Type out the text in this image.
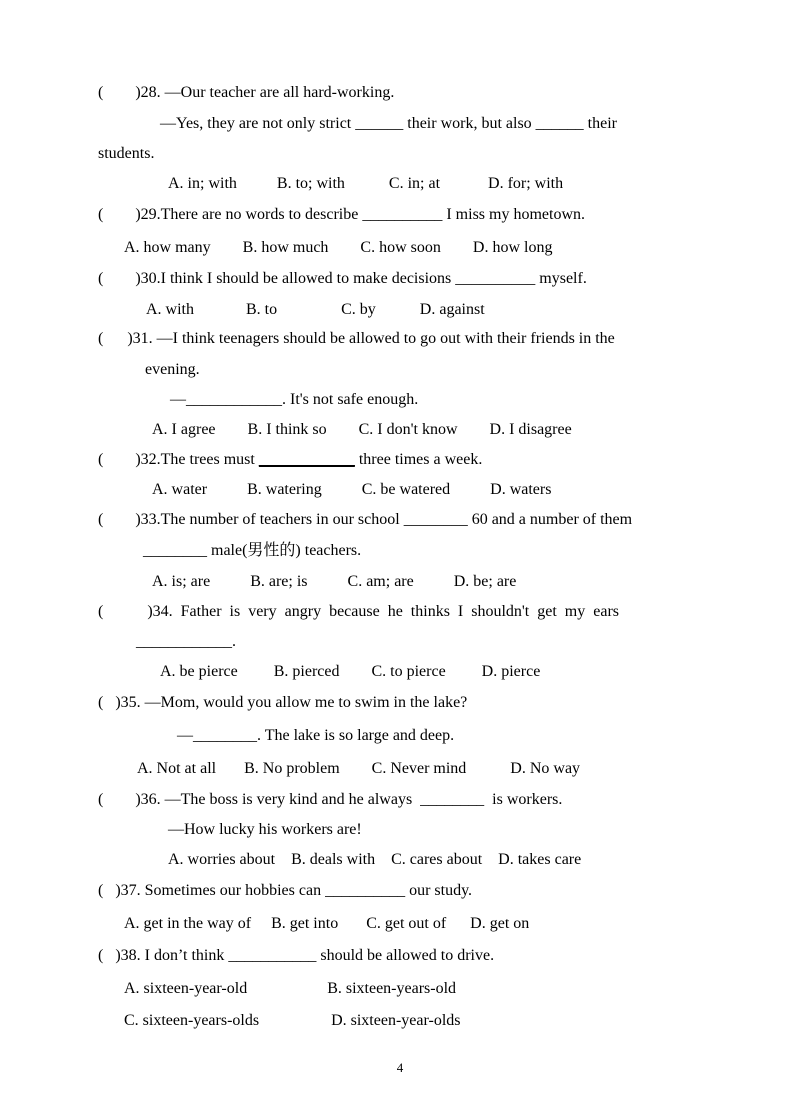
(        )28. —Our teacher are all hard-working.
—Yes, they are not only strict ______ their work, but also ______ their
students.
A. in; with          B. to; with           C. in; at            D. for; with
(        )29.There are no words to describe __________ I miss my hometown.
A. how many        B. how much        C. how soon        D. how long
(        )30.I think I should be allowed to make decisions __________ myself.
A. with             B. to                C. by           D. against
(      )31. —I think teenagers should be allowed to go out with their friends in the
evening.
—____________. It's not safe enough.
A. I agree        B. I think so        C. I don't know        D. I disagree
(        )32.The trees must ____________ three times a week.
A. water          B. watering          C. be watered          D. waters
(        )33.The number of teachers in our school ________ 60 and a number of them
________ male(男性的) teachers.
A. is; are          B. are; is          C. am; are          D. be; are
(           )34.  Father  is  very  angry  because  he  thinks  I  shouldn't  get  my  ears
____________.
A. be pierce         B. pierced        C. to pierce         D. pierce
(   )35. —Mom, would you allow me to swim in the lake?
—________. The lake is so large and deep.
A. Not at all       B. No problem        C. Never mind           D. No way
(        )36. —The boss is very kind and he always  ________  is workers.
—How lucky his workers are!
A. worries about    B. deals with    C. cares about    D. takes care
(   )37. Sometimes our hobbies can __________ our study.
A. get in the way of     B. get into       C. get out of      D. get on
(   )38. I don’t think ___________ should be allowed to drive.
A. sixteen-year-old                    B. sixteen-years-old
C. sixteen-years-olds                  D. sixteen-year-olds
4
